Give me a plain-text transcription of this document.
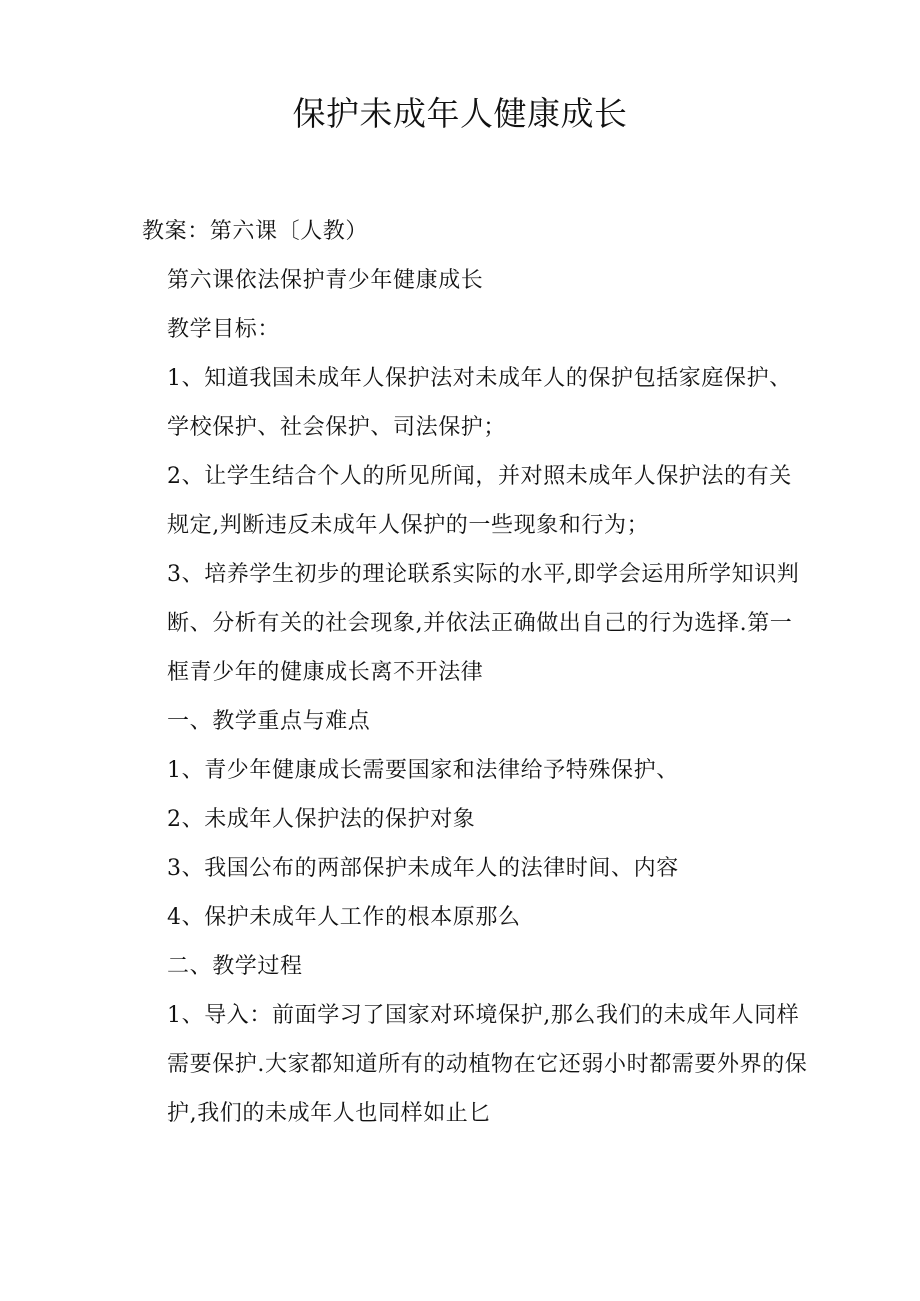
保护未成年人健康成长

教案：第六课〔人教）

第六课依法保护青少年健康成长

教学目标：

1、知道我国未成年人保护法对未成年人的保护包括家庭保护、学校保护、社会保护、司法保护；

2、让学生结合个人的所见所闻，并对照未成年人保护法的有关规定,判断违反未成年人保护的一些现象和行为；

3、培养学生初步的理论联系实际的水平,即学会运用所学知识判断、分析有关的社会现象,并依法正确做出自己的行为选择.第一框青少年的健康成长离不开法律

一、教学重点与难点

1、青少年健康成长需要国家和法律给予特殊保护、

2、未成年人保护法的保护对象

3、我国公布的两部保护未成年人的法律时间、内容

4、保护未成年人工作的根本原那么

二、教学过程

1、导入：前面学习了国家对环境保护,那么我们的未成年人同样需要保护.大家都知道所有的动植物在它还弱小时都需要外界的保护,我们的未成年人也同样如止匕
